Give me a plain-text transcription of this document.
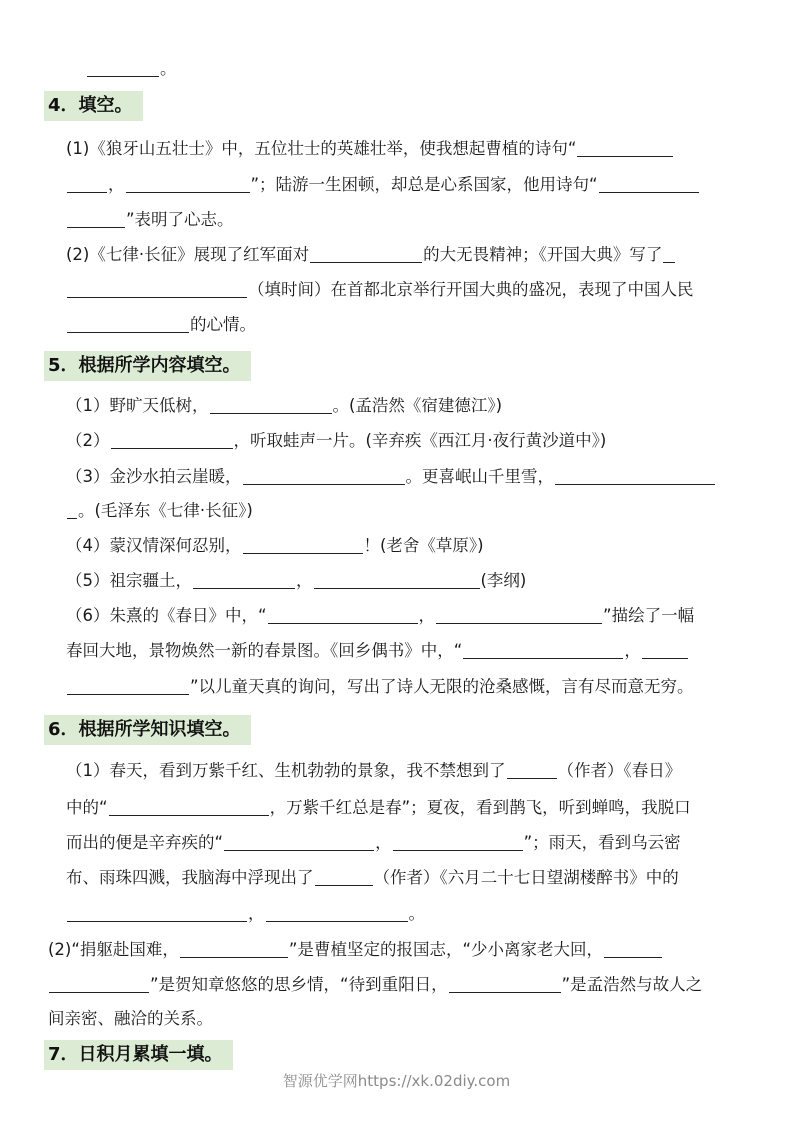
。
4．填空。
(1)《狼牙山五壮士》中，五位壮士的英雄壮举，使我想起曹植的诗句“
，	”；陆游一生困顿，却总是心系国家，他用诗句“
”表明了心志。
(2)《七律·长征》展现了红军面对	的大无畏精神；《开国大典》写了
（填时间）在首都北京举行开国大典的盛况，表现了中国人民
的心情。
5．根据所学内容填空。
（1）野旷天低树，	。(孟浩然《宿建德江》)
（2）	，听取蛙声一片。(辛弃疾《西江月·夜行黄沙道中》)
（3）金沙水拍云崖暖，	。更喜岷山千里雪，
。(毛泽东《七律·长征》)
（4）蒙汉情深何忍别，	！(老舍《草原》)
（5）祖宗疆土，	，	(李纲)
（6）朱熹的《春日》中，“	，	”描绘了一幅
春回大地，景物焕然一新的春景图。《回乡偶书》中，“	，
”以儿童天真的询问，写出了诗人无限的沧桑感慨，言有尽而意无穷。
6．根据所学知识填空。
（1）春天，看到万紫千红、生机勃勃的景象，我不禁想到了	（作者）《春日》
中的“	，万紫千红总是春”；夏夜，看到鹊飞，听到蝉鸣，我脱口
而出的便是辛弃疾的“	，	”；雨天，看到乌云密
布、雨珠四溅，我脑海中浮现出了	（作者）《六月二十七日望湖楼醉书》中的
，	。
(2)“捐躯赴国难，	”是曹植坚定的报国志，“少小离家老大回，
”是贺知章悠悠的思乡情，“待到重阳日，	”是孟浩然与故人之
间亲密、融洽的关系。
7．日积月累填一填。
智源优学网https://xk.02diy.com
